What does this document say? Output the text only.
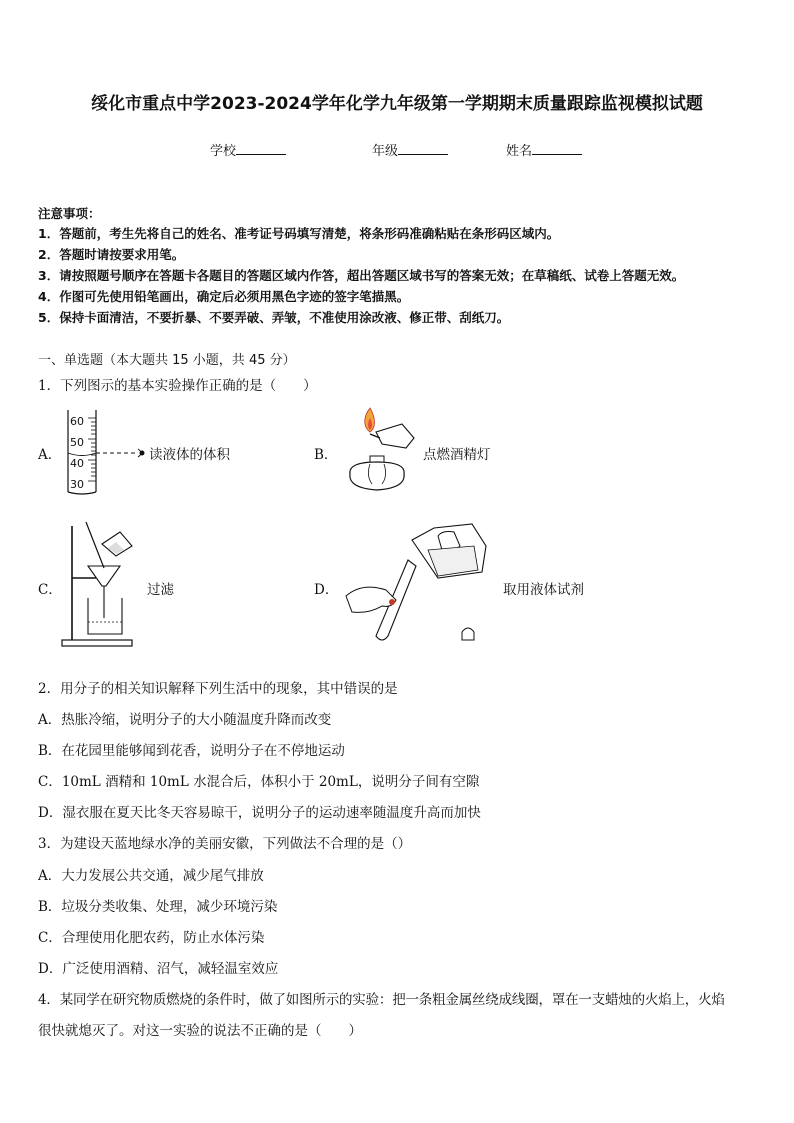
绥化市重点中学2023-2024学年化学九年级第一学期期末质量跟踪监视模拟试题
学校	年级	姓名
注意事项：
1．答题前，考生先将自己的姓名、准考证号码填写清楚，将条形码准确粘贴在条形码区域内。
2．答题时请按要求用笔。
3．请按照题号顺序在答题卡各题目的答题区域内作答，超出答题区域书写的答案无效；在草稿纸、试卷上答题无效。
4．作图可先使用铅笔画出，确定后必须用黑色字迹的签字笔描黑。
5．保持卡面清洁，不要折暴、不要弄破、弄皱，不准使用涂改液、修正带、刮纸刀。
一、单选题（本大题共 15 小题，共 45 分）
1．下列图示的基本实验操作正确的是（　　）
A．
60
50
40
30
读液体的体积	B．	点燃酒精灯
C．	过滤	D．	取用液体试剂
2．用分子的相关知识解释下列生活中的现象，其中错误的是
A．热胀冷缩，说明分子的大小随温度升降而改变
B．在花园里能够闻到花香，说明分子在不停地运动
C．10mL 酒精和 10mL 水混合后，体积小于 20mL，说明分子间有空隙
D．湿衣服在夏天比冬天容易晾干，说明分子的运动速率随温度升高而加快
3．为建设天蓝地绿水净的美丽安徽，下列做法不合理的是（）
A．大力发展公共交通，减少尾气排放
B．垃圾分类收集、处理，减少环境污染
C．合理使用化肥农药，防止水体污染
D．广泛使用酒精、沼气，减轻温室效应
4．某同学在研究物质燃烧的条件时，做了如图所示的实验：把一条粗金属丝绕成线圈，罩在一支蜡烛的火焰上，火焰
很快就熄灭了。对这一实验的说法不正确的是（　　）
